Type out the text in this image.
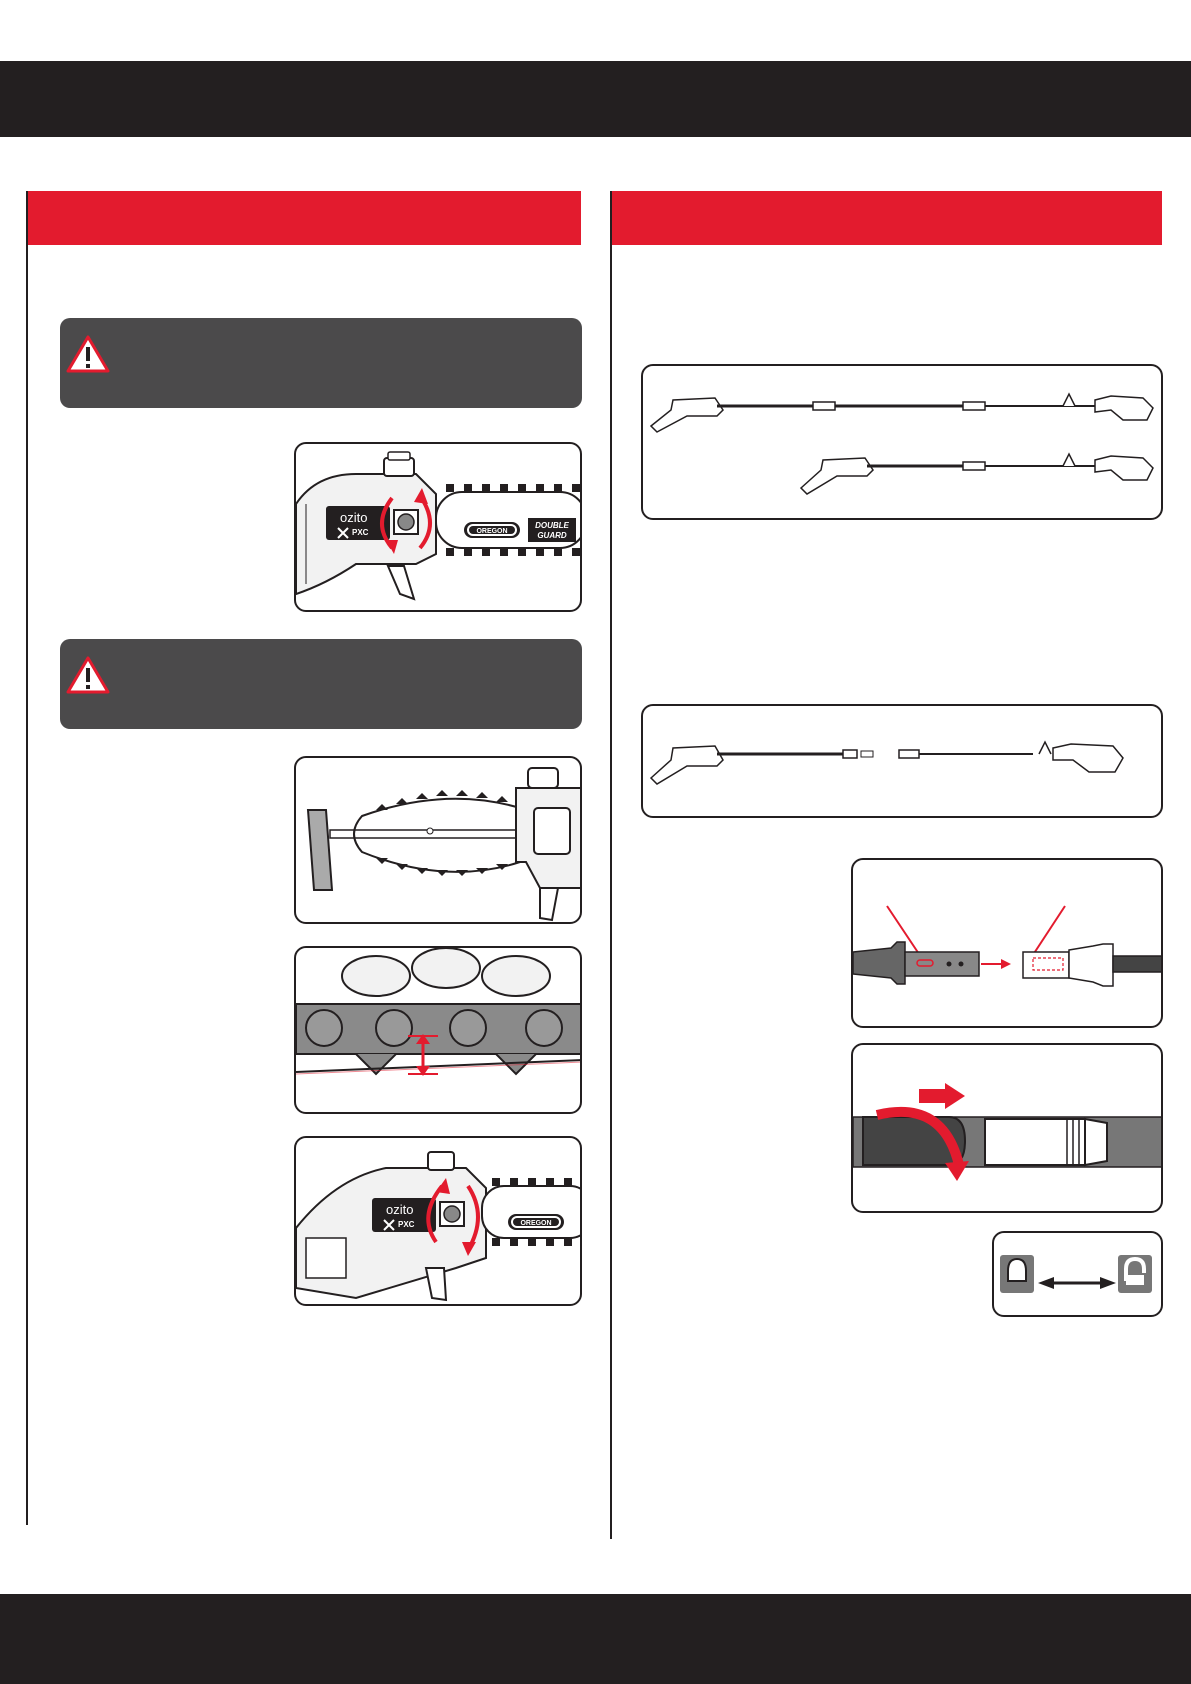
OREGON
DOUBLE
GUARD
ozito
PXC
OREGON
ozito
PXC
